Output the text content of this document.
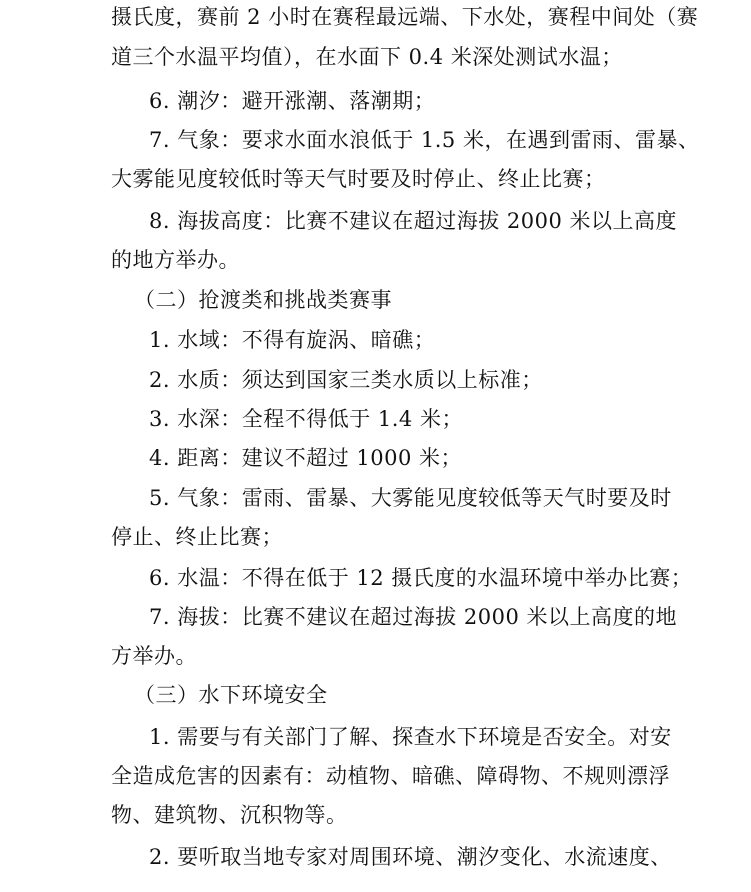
摄氏度，赛前 2 小时在赛程最远端、下水处，赛程中间处（赛
道三个水温平均值），在水面下 0.4 米深处测试水温；
6. 潮汐：避开涨潮、落潮期；
7. 气象：要求水面水浪低于 1.5 米，在遇到雷雨、雷暴、
大雾能见度较低时等天气时要及时停止、终止比赛；
8. 海拔高度：比赛不建议在超过海拔 2000 米以上高度
的地方举办。
（二）抢渡类和挑战类赛事
1. 水域：不得有旋涡、暗礁；
2. 水质：须达到国家三类水质以上标准；
3. 水深：全程不得低于 1.4 米；
4. 距离：建议不超过 1000 米；
5. 气象：雷雨、雷暴、大雾能见度较低等天气时要及时
停止、终止比赛；
6. 水温：不得在低于 12 摄氏度的水温环境中举办比赛；
7. 海拔：比赛不建议在超过海拔 2000 米以上高度的地
方举办。
（三）水下环境安全
1. 需要与有关部门了解、探查水下环境是否安全。对安
全造成危害的因素有：动植物、暗礁、障碍物、不规则漂浮
物、建筑物、沉积物等。
2. 要听取当地专家对周围环境、潮汐变化、水流速度、
